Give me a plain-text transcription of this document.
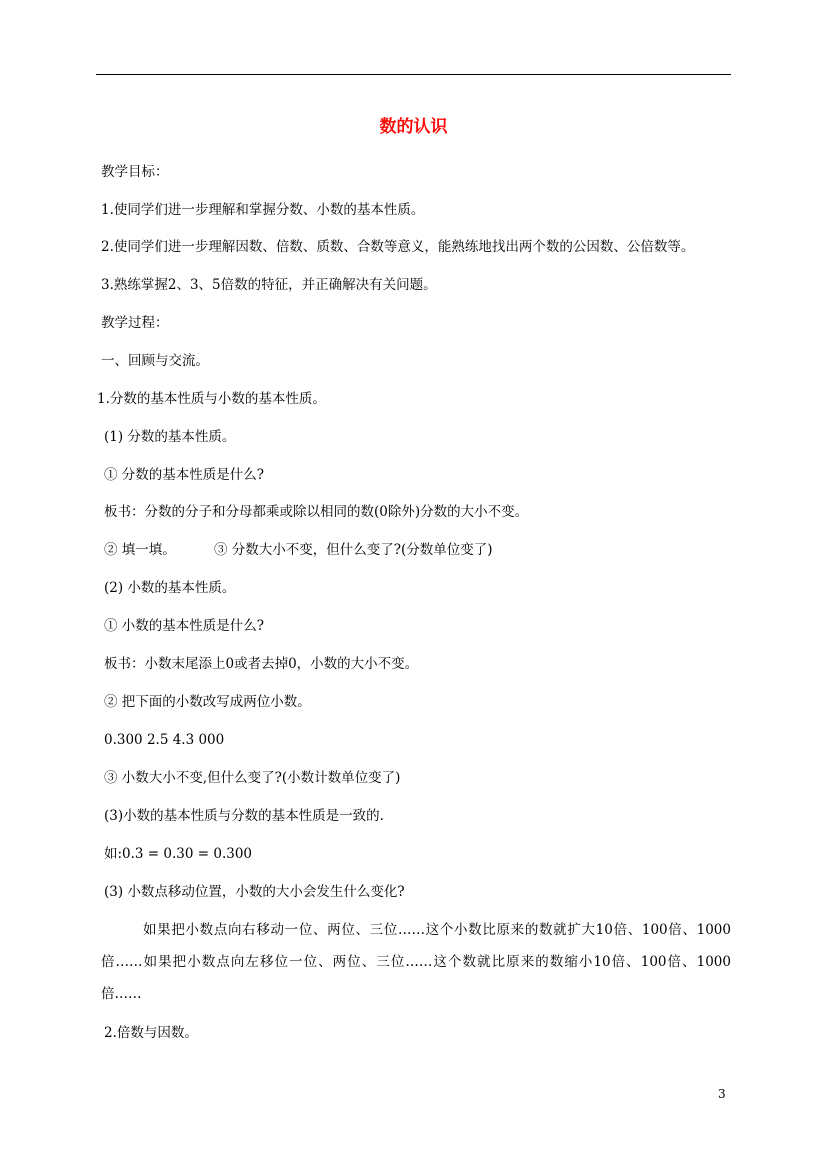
数的认识
教学目标：
1.使同学们进一步理解和掌握分数、小数的基本性质。
2.使同学们进一步理解因数、倍数、质数、合数等意义，能熟练地找出两个数的公因数、公倍数等。
3.熟练掌握2、3、5倍数的特征，并正确解决有关问题。
教学过程：
一、回顾与交流。
1.分数的基本性质与小数的基本性质。
(1) 分数的基本性质。
① 分数的基本性质是什么?
板书：分数的分子和分母都乘或除以相同的数(0除外)分数的大小不变。
② 填一填。	③ 分数大小不变，但什么变了?(分数单位变了)
(2) 小数的基本性质。
① 小数的基本性质是什么?
板书：小数末尾添上0或者去掉0，小数的大小不变。
② 把下面的小数改写成两位小数。
0.300 2.5 4.3 000
③ 小数大小不变,但什么变了?(小数计数单位变了)
(3)小数的基本性质与分数的基本性质是一致的.
如:0.3 = 0.30 = 0.300
(3) 小数点移动位置，小数的大小会发生什么变化?
如果把小数点向右移动一位、两位、三位……这个小数比原来的数就扩大10倍、100倍、1000倍……如果把小数点向左移位一位、两位、三位……这个数就比原来的数缩小10倍、100倍、1000倍……
2.倍数与因数。
3
